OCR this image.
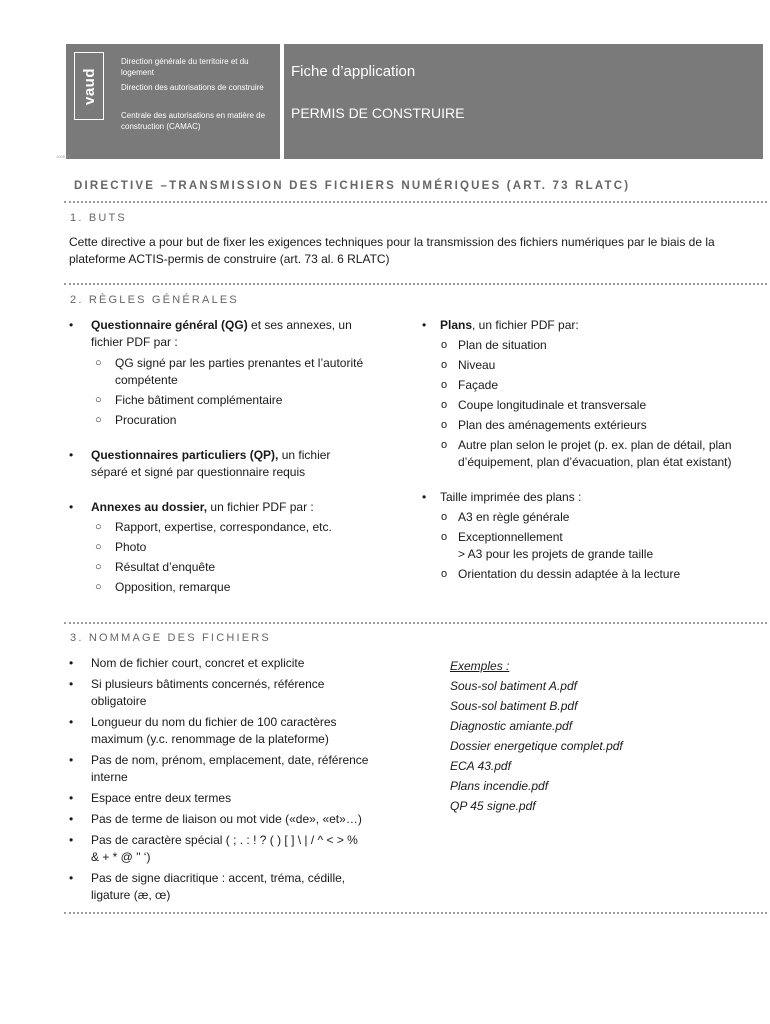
vaud
Direction générale du territoire et du logement
Direction des autorisations de construire
Centrale des autorisations en matière de construction (CAMAC)
Fiche d’application
PERMIS DE CONSTRUIRE
1005 07
DIRECTIVE –TRANSMISSION DES FICHIERS NUMÉRIQUES (ART. 73 RLATC)
1. BUTS
Cette directive a pour but de fixer les exigences techniques pour la transmission des fichiers numériques par le biais de la plateforme ACTIS-permis de construire (art. 73 al. 6 RLATC)
2. RÈGLES GÉNÉRALES
• Questionnaire général (QG) et ses annexes, un fichier PDF par :
○ QG signé par les parties prenantes et l’autorité compétente
○ Fiche bâtiment complémentaire
○ Procuration
• Questionnaires particuliers (QP), un fichier séparé et signé par questionnaire requis
• Annexes au dossier, un fichier PDF par :
○ Rapport, expertise, correspondance, etc.
○ Photo
○ Résultat d’enquête
○ Opposition, remarque
• Plans, un fichier PDF par:
o Plan de situation
o Niveau
o Façade
o Coupe longitudinale et transversale
o Plan des aménagements extérieurs
o Autre plan selon le projet (p. ex. plan de détail, plan d’équipement, plan d’évacuation, plan état existant)
• Taille imprimée des plans :
o A3 en règle générale
o Exceptionnellement
> A3 pour les projets de grande taille
o Orientation du dessin adaptée à la lecture
3. NOMMAGE DES FICHIERS
• Nom de fichier court, concret et explicite
• Si plusieurs bâtiments concernés, référence obligatoire
• Longueur du nom du fichier de 100 caractères maximum (y.c. renommage de la plateforme)
• Pas de nom, prénom, emplacement, date, référence interne
• Espace entre deux termes
• Pas de terme de liaison ou mot vide («de», «et»…)
• Pas de caractère spécial ( ; . : ! ? ( ) [ ] \ | / ^ < > % & + * @ " ‘)
• Pas de signe diacritique : accent, tréma, cédille, ligature (æ, œ)
Exemples :
Sous-sol batiment A.pdf
Sous-sol batiment B.pdf
Diagnostic amiante.pdf
Dossier energetique complet.pdf
ECA 43.pdf
Plans incendie.pdf
QP 45 signe.pdf
